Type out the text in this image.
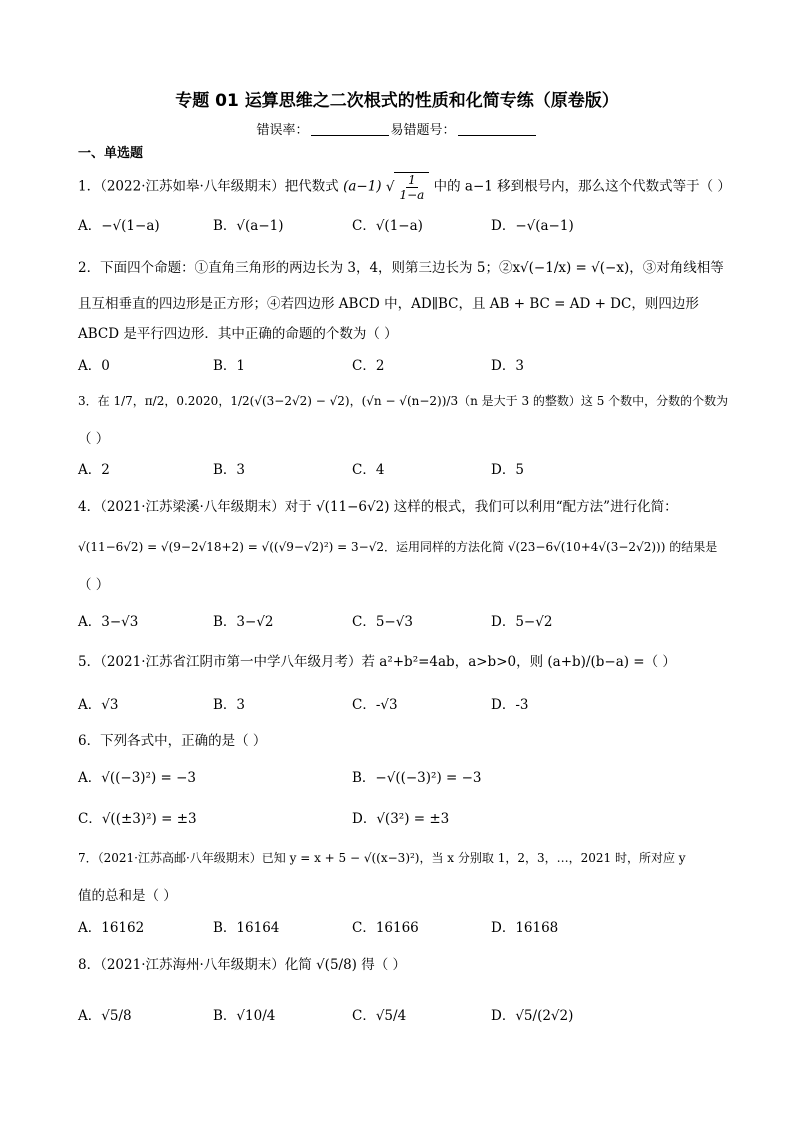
专题 01 运算思维之二次根式的性质和化简专练（原卷版）
错误率：	易错题号：
一、单选题
1．（2022·江苏如皋·八年级期末）把代数式 (a−1) √ $\frac{1}{1-a}$ 中的 a−1 移到根号内，那么这个代数式等于（ ）
A．−√(1−a)	B．√(a−1)	C．√(1−a)	D．−√(a−1)
2．下面四个命题：①直角三角形的两边长为 3，4，则第三边长为 5；②x√(−1/x) = √(−x)，③对角线相等
且互相垂直的四边形是正方形；④若四边形 ABCD 中，AD∥BC，且 AB + BC = AD + DC，则四边形
ABCD 是平行四边形．其中正确的命题的个数为（ ）
A．0	B．1	C．2	D．3
3．在 1/7，π/2，0.2020，1/2(√(3−2√2) − √2)，(√n − √(n−2))/3（n 是大于 3 的整数）这 5 个数中，分数的个数为
（ ）
A．2	B．3	C．4	D．5
4．（2021·江苏梁溪·八年级期末）对于 √(11−6√2) 这样的根式，我们可以利用“配方法”进行化简：
√(11−6√2) = √(9−2√18+2) = √((√9−√2)²) = 3−√2．运用同样的方法化简 √(23−6√(10+4√(3−2√2))) 的结果是
（ ）
A．3−√3	B．3−√2	C．5−√3	D．5−√2
5．（2021·江苏省江阴市第一中学八年级月考）若 a²+b²=4ab，a>b>0，则 (a+b)/(b−a) =（ ）
A．√3	B．3	C．-√3	D．-3
6．下列各式中，正确的是（ ）
A．√((−3)²) = −3	B．−√((−3)²) = −3
C．√((±3)²) = ±3	D．√(3²) = ±3
7．（2021·江苏高邮·八年级期末）已知 y = x + 5 − √((x−3)²)，当 x 分别取 1，2，3，…，2021 时，所对应 y
值的总和是（ ）
A．16162	B．16164	C．16166	D．16168
8．（2021·江苏海州·八年级期末）化简 √(5/8) 得（ ）
A．√5/8	B．√10/4	C．√5/4	D．√5/(2√2)
